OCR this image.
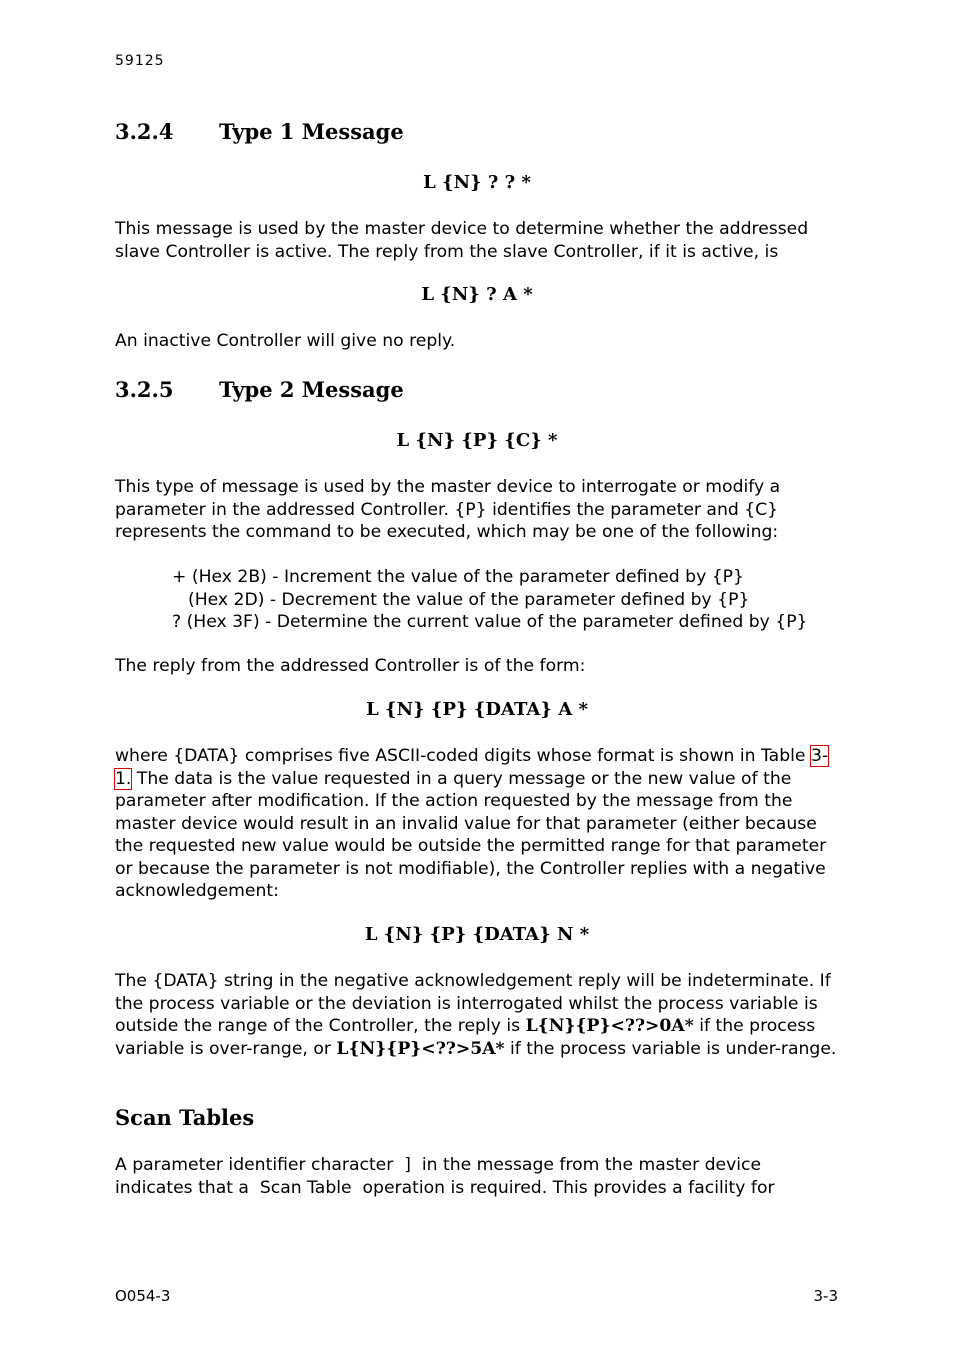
59125
3.2.4 Type 1 Message
L {N} ? ? *
This message is used by the master device to determine whether the addressed slave Controller is active. The reply from the slave Controller, if it is active, is
L {N} ? A *
An inactive Controller will give no reply.
3.2.5 Type 2 Message
L {N} {P} {C} *
This type of message is used by the master device to interrogate or modify a parameter in the addressed Controller. {P} identifies the parameter and {C} represents the command to be executed, which may be one of the following:
+ (Hex 2B) - Increment the value of the parameter defined by {P}
(Hex 2D) - Decrement the value of the parameter defined by {P}
? (Hex 3F) - Determine the current value of the parameter defined by {P}
The reply from the addressed Controller is of the form:
L {N} {P} {DATA} A *
where {DATA} comprises five ASCII-coded digits whose format is shown in Table 3-1. The data is the value requested in a query message or the new value of the parameter after modification. If the action requested by the message from the master device would result in an invalid value for that parameter (either because the requested new value would be outside the permitted range for that parameter or because the parameter is not modifiable), the Controller replies with a negative acknowledgement:
L {N} {P} {DATA} N *
The {DATA} string in the negative acknowledgement reply will be indeterminate. If the process variable or the deviation is interrogated whilst the process variable is outside the range of the Controller, the reply is L{N}{P}<??>0A* if the process variable is over-range, or L{N}{P}<??>5A* if the process variable is under-range.
Scan Tables
A parameter identifier character  ]  in the message from the master device indicates that a  Scan Table  operation is required. This provides a facility for
O054-3	3-3
